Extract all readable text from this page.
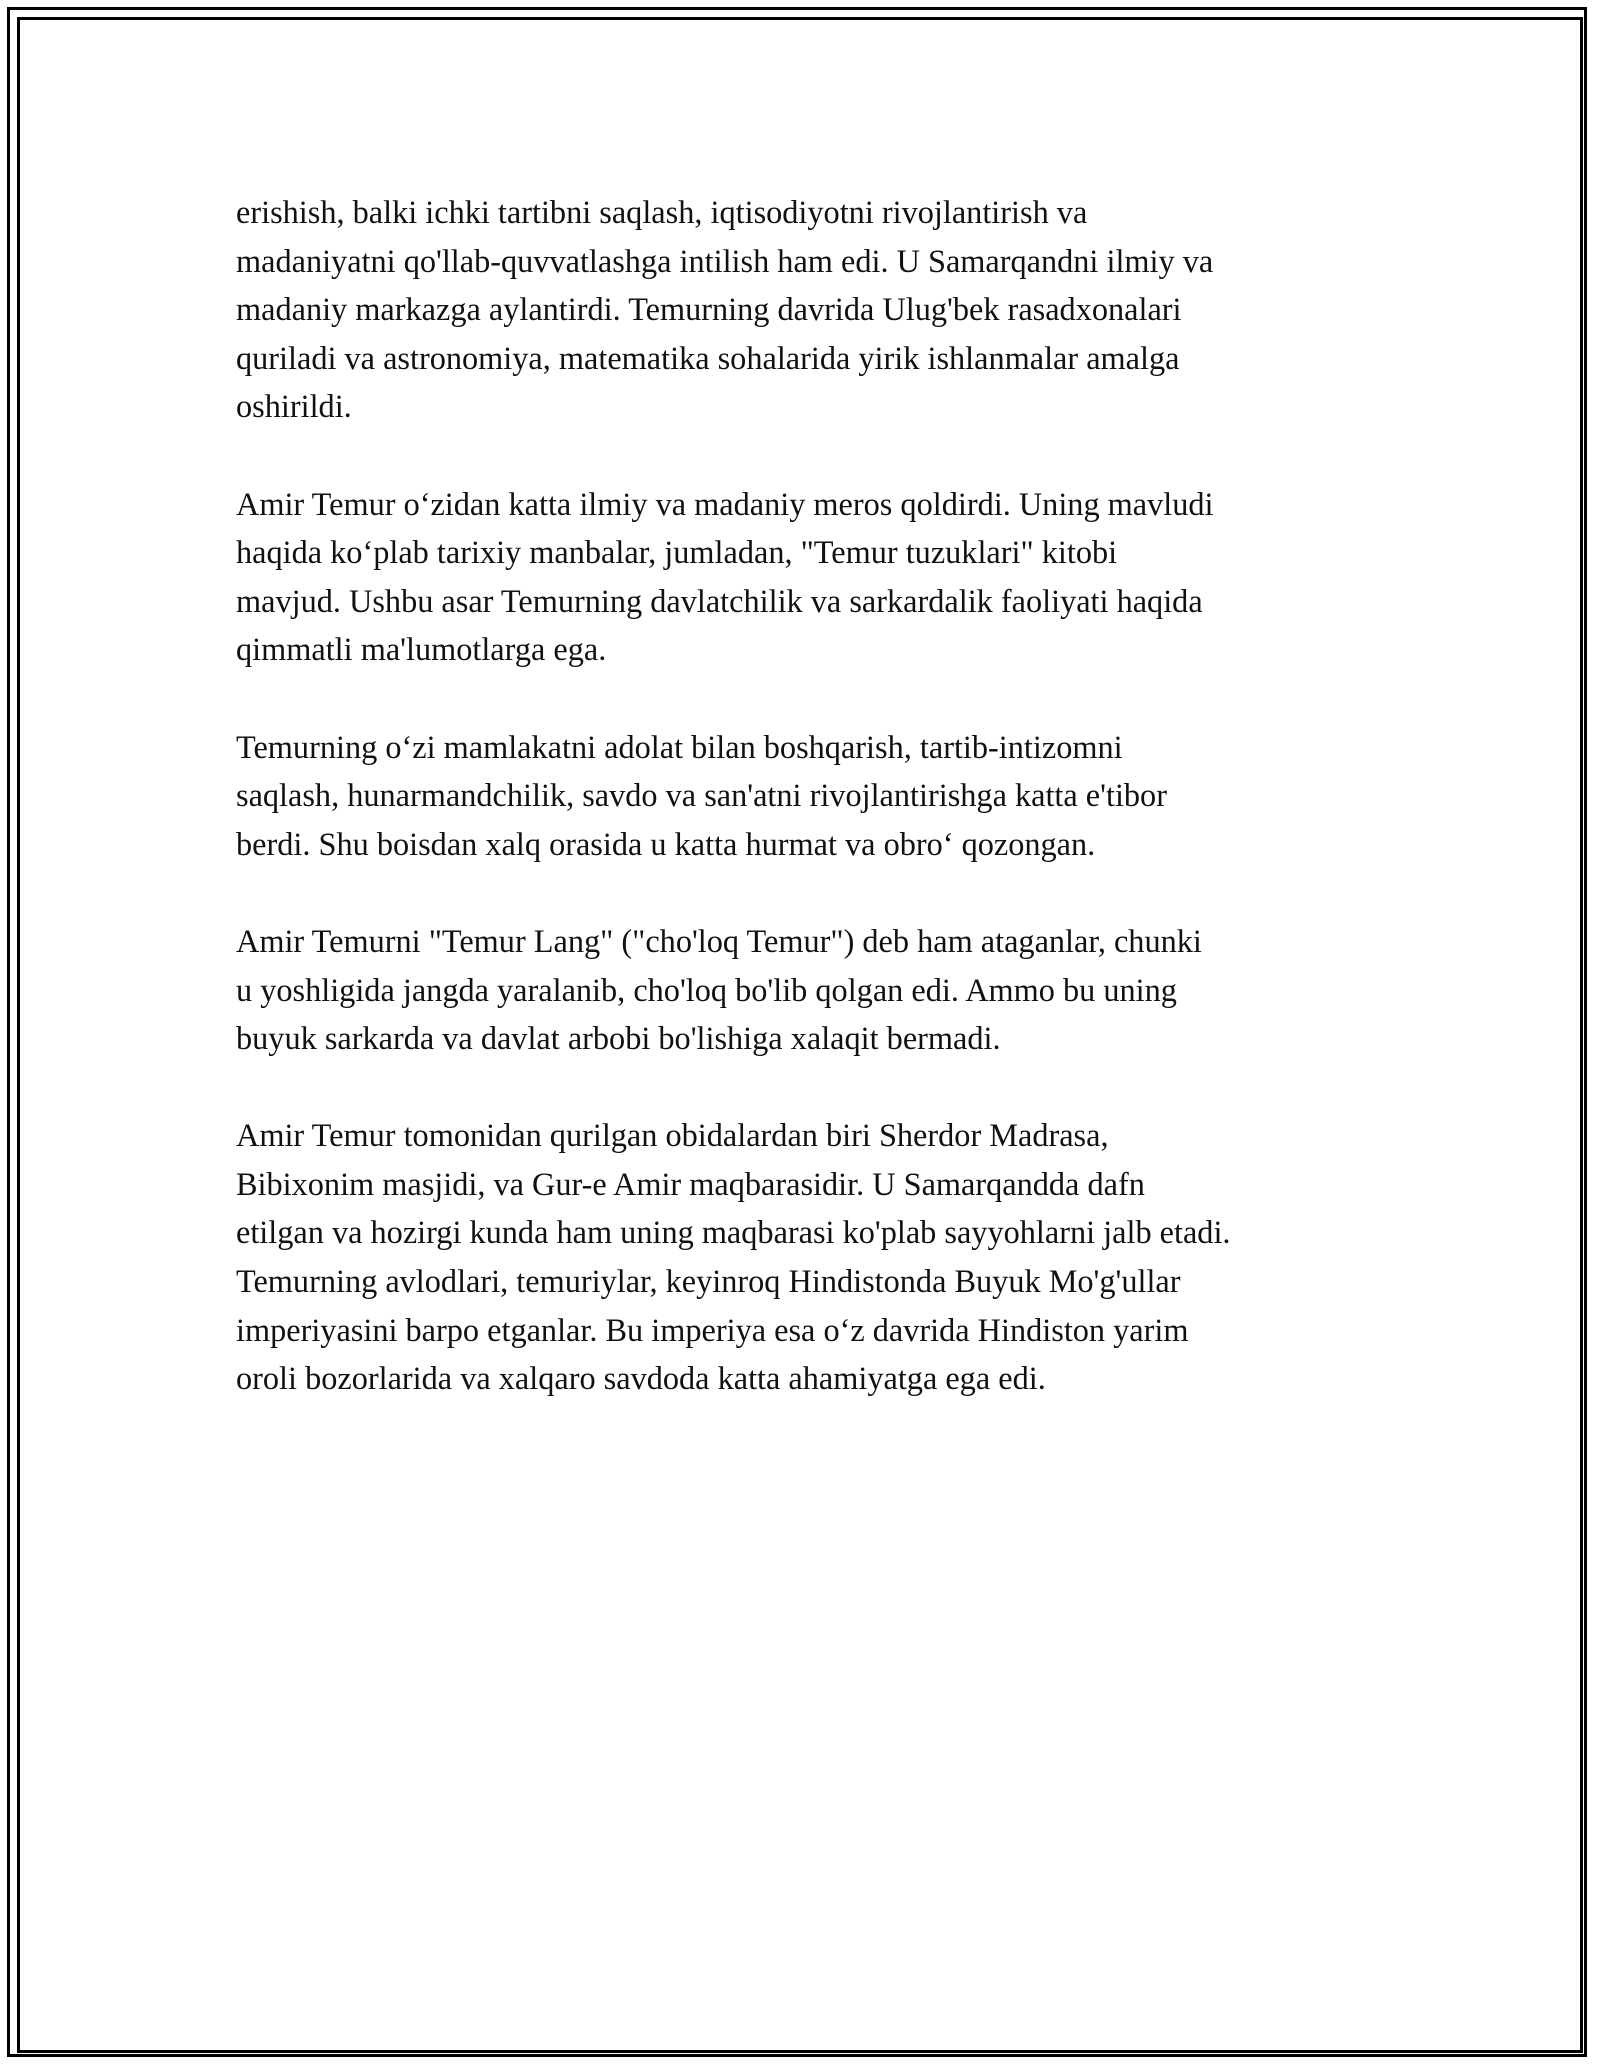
erishish, balki ichki tartibni saqlash, iqtisodiyotni rivojlantirish va
madaniyatni qo'llab-quvvatlashga intilish ham edi. U Samarqandni ilmiy va
madaniy markazga aylantirdi. Temurning davrida Ulug'bek rasadxonalari
quriladi va astronomiya, matematika sohalarida yirik ishlanmalar amalga
oshirildi.

Amir Temur oʻzidan katta ilmiy va madaniy meros qoldirdi. Uning mavludi
haqida koʻplab tarixiy manbalar, jumladan, "Temur tuzuklari" kitobi
mavjud. Ushbu asar Temurning davlatchilik va sarkardalik faoliyati haqida
qimmatli ma'lumotlarga ega.

Temurning oʻzi mamlakatni adolat bilan boshqarish, tartib-intizomni
saqlash, hunarmandchilik, savdo va san'atni rivojlantirishga katta e'tibor
berdi. Shu boisdan xalq orasida u katta hurmat va obroʻ qozongan.

Amir Temurni "Temur Lang" ("cho'loq Temur") deb ham ataganlar, chunki
u yoshligida jangda yaralanib, cho'loq bo'lib qolgan edi. Ammo bu uning
buyuk sarkarda va davlat arbobi bo'lishiga xalaqit bermadi.

Amir Temur tomonidan qurilgan obidalardan biri Sherdor Madrasa,
Bibixonim masjidi, va Gur-e Amir maqbarasidir. U Samarqandda dafn
etilgan va hozirgi kunda ham uning maqbarasi ko'plab sayyohlarni jalb etadi.
Temurning avlodlari, temuriylar, keyinroq Hindistonda Buyuk Mo'g'ullar
imperiyasini barpo etganlar. Bu imperiya esa oʻz davrida Hindiston yarim
oroli bozorlarida va xalqaro savdoda katta ahamiyatga ega edi.
